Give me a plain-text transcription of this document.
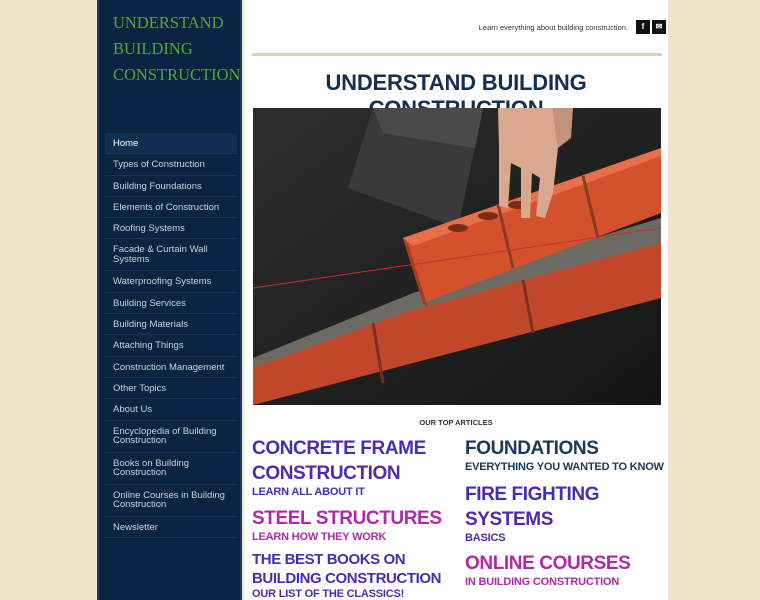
UNDERSTAND
BUILDING
CONSTRUCTION
Home
Types of Construction
Building Foundations
Elements of Construction
Roofing Systems
Facade & Curtain Wall Systems
Waterproofing Systems
Building Services
Building Materials
Attaching Things
Construction Management
Other Topics
About Us
Encyclopedia of Building Construction
Books on Building Construction
Online Courses in Building Construction
Newsletter
Learn everything about building construction.	f	✉
UNDERSTAND BUILDING
OUR TOP ARTICLES
CONCRETE FRAME CONSTRUCTION
LEARN ALL ABOUT IT
STEEL STRUCTURES
LEARN HOW THEY WORK
THE BEST BOOKS ON BUILDING CONSTRUCTION
OUR LIST OF THE CLASSICS!
FOUNDATIONS
EVERYTHING YOU WANTED TO KNOW
FIRE FIGHTING SYSTEMS
BASICS
ONLINE COURSES
IN BUILDING CONSTRUCTION
